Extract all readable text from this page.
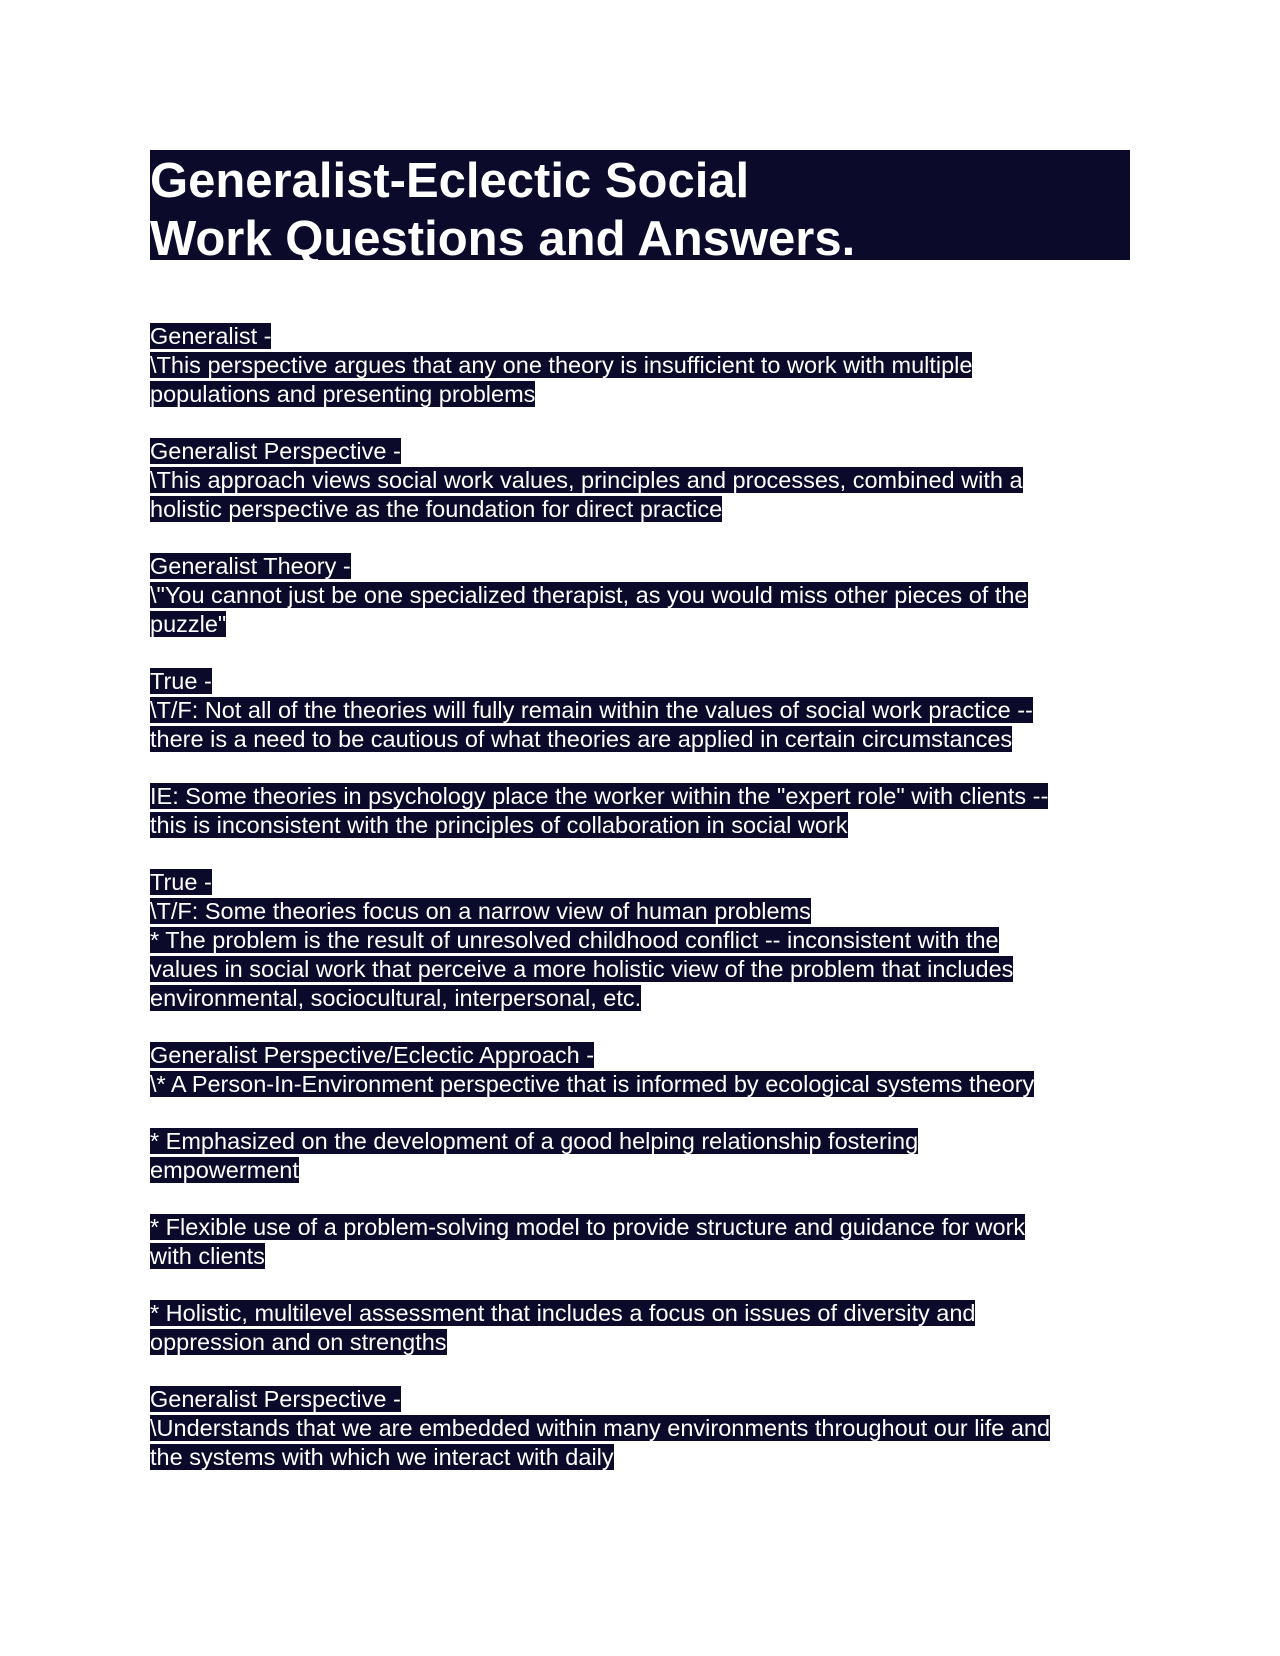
Generalist-Eclectic Social
Work Questions and Answers.
Generalist -
\This perspective argues that any one theory is insufficient to work with multiple
populations and presenting problems
Generalist Perspective -
\This approach views social work values, principles and processes, combined with a
holistic perspective as the foundation for direct practice
Generalist Theory -
\"You cannot just be one specialized therapist, as you would miss other pieces of the
puzzle"
True -
\T/F: Not all of the theories will fully remain within the values of social work practice --
there is a need to be cautious of what theories are applied in certain circumstances
IE: Some theories in psychology place the worker within the "expert role" with clients --
this is inconsistent with the principles of collaboration in social work
True -
\T/F: Some theories focus on a narrow view of human problems
* The problem is the result of unresolved childhood conflict -- inconsistent with the
values in social work that perceive a more holistic view of the problem that includes
environmental, sociocultural, interpersonal, etc.
Generalist Perspective/Eclectic Approach -
\* A Person-In-Environment perspective that is informed by ecological systems theory
* Emphasized on the development of a good helping relationship fostering
empowerment
* Flexible use of a problem-solving model to provide structure and guidance for work
with clients
* Holistic, multilevel assessment that includes a focus on issues of diversity and
oppression and on strengths
Generalist Perspective -
\Understands that we are embedded within many environments throughout our life and
the systems with which we interact with daily
